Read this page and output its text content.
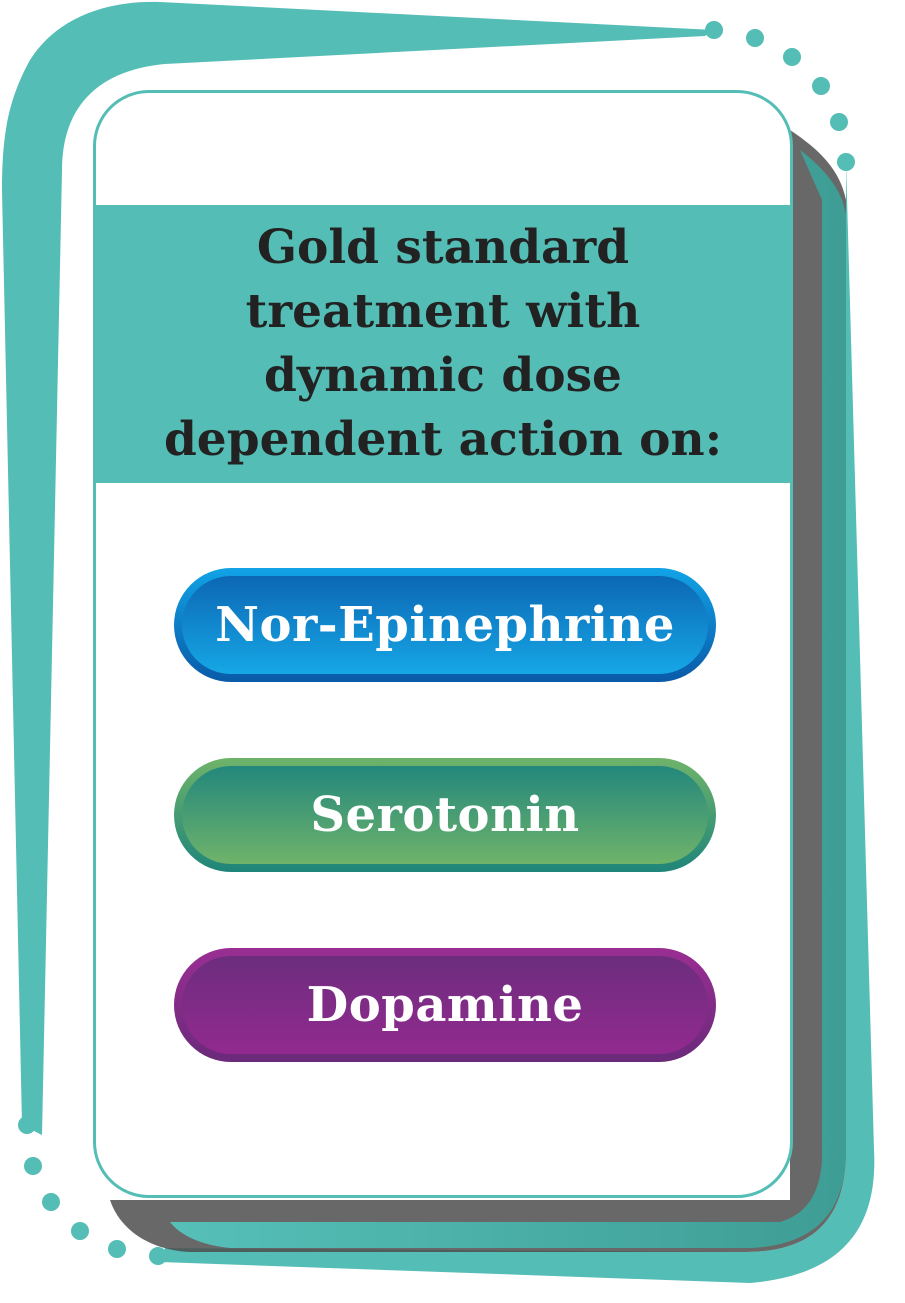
Gold standard
treatment with
dynamic dose
dependent action on:
Nor-Epinephrine
Serotonin
Dopamine
